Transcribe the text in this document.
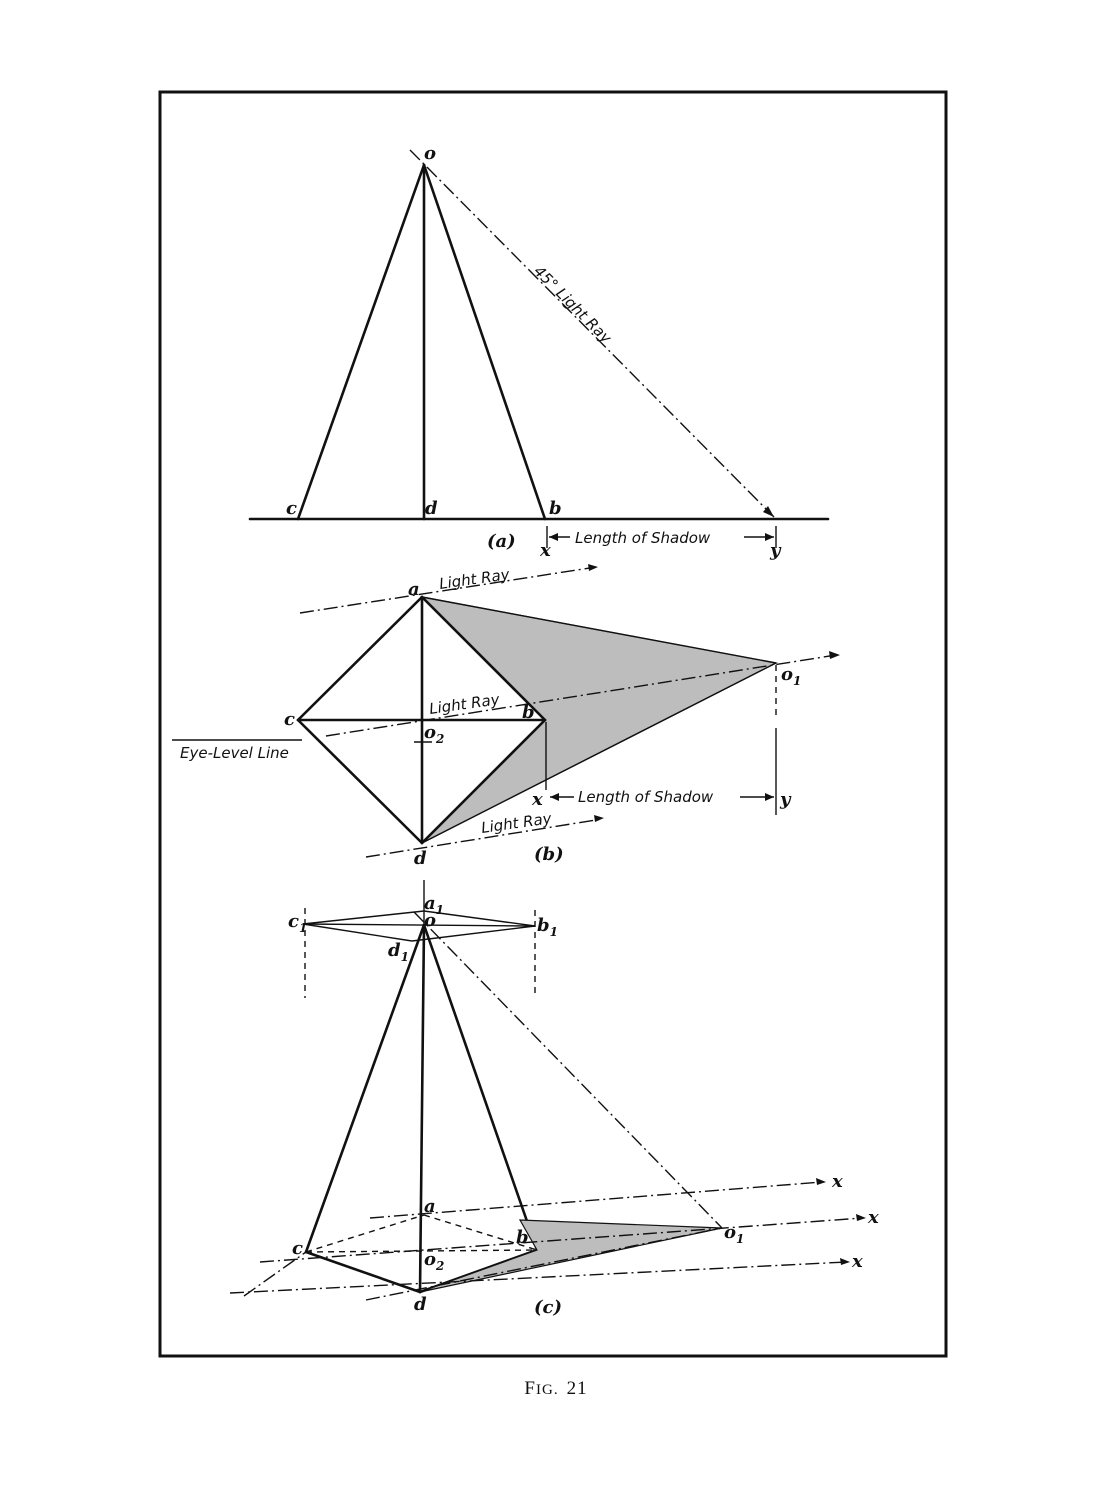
o
c	d	b
x	y
(a)	Length of Shadow
45° Light Ray
a
c	b
d
$o_2$
$o_1$
x	y
(b)
Light Ray
Light Ray
Light Ray
Eye-Level Line
Length of Shadow
$a_1$
o
$c_1$	$b_1$
$d_1$
a
c
b
$o_2$
d
$o_1$
x
x
x
(c)
FIG. 21
